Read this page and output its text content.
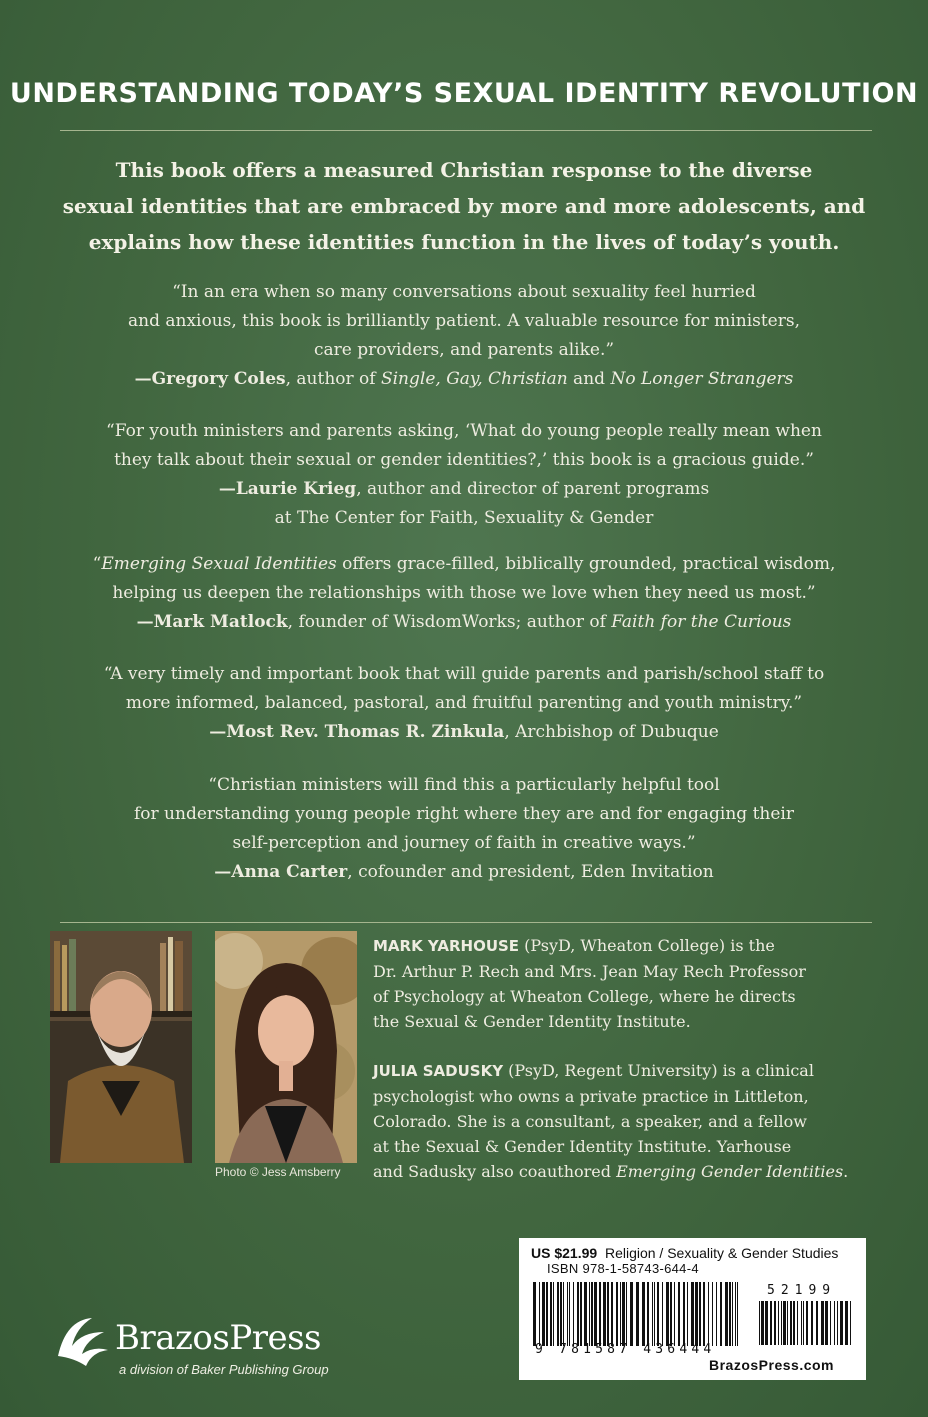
UNDERSTANDING TODAY’S SEXUAL IDENTITY REVOLUTION
This book offers a measured Christian response to the diverse
sexual identities that are embraced by more and more adolescents, and
explains how these identities function in the lives of today’s youth.

“In an era when so many conversations about sexuality feel hurried

and anxious, this book is brilliantly patient. A valuable resource for ministers,

care providers, and parents alike.”

—Gregory Coles, author of Single, Gay, Christian and No Longer Strangers

“For youth ministers and parents asking, ‘What do young people really mean when

they talk about their sexual or gender identities?,’ this book is a gracious guide.”

—Laurie Krieg, author and director of parent programs

at The Center for Faith, Sexuality & Gender

“Emerging Sexual Identities offers grace-filled, biblically grounded, practical wisdom,

helping us deepen the relationships with those we love when they need us most.”

—Mark Matlock, founder of WisdomWorks; author of Faith for the Curious

“A very timely and important book that will guide parents and parish/school staff to

more informed, balanced, pastoral, and fruitful parenting and youth ministry.”

—Most Rev. Thomas R. Zinkula, Archbishop of Dubuque

“Christian ministers will find this a particularly helpful tool

for understanding young people right where they are and for engaging their

self-perception and journey of faith in creative ways.”

—Anna Carter, cofounder and president, Eden Invitation

Photo © Jess Amsberry

MARK YARHOUSE (PsyD, Wheaton College) is the

Dr. Arthur P. Rech and Mrs. Jean May Rech Professor

of Psychology at Wheaton College, where he directs

the Sexual & Gender Identity Institute.

JULIA SADUSKY (PsyD, Regent University) is a clinical

psychologist who owns a private practice in Littleton,

Colorado. She is a consultant, a speaker, and a fellow

at the Sexual & Gender Identity Institute. Yarhouse

and Sadusky also coauthored Emerging Gender Identities.

US $21.99 Religion / Sexuality & Gender Studies
ISBN 978-1-58743-644-4
52199
9 781587 436444
BrazosPress.com
BrazosPress
a division of Baker Publishing Group
